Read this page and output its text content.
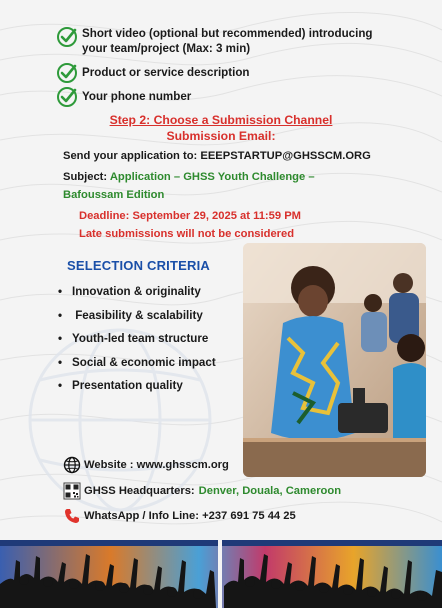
Short video (optional but recommended) introducing your team/project (Max: 3 min)
Product or service description
Your phone number
Step 2: Choose a Submission Channel
Submission Email:
Send your application to: EEEPSTARTUP@GHSSCM.ORG
Subject: Application – GHSS Youth Challenge – Bafoussam Edition
Deadline: September 29, 2025 at 11:59 PM
Late submissions will not be considered
SELECTION CRITERIA
• Innovation & originality
•  Feasibility & scalability
• Youth-led team structure
• Social & economic impact
• Presentation quality
Website : www.ghsscm.org
GHSS Headquarters: Denver, Douala, Cameroon
WhatsApp / Info Line: +237 691 75 44 25
